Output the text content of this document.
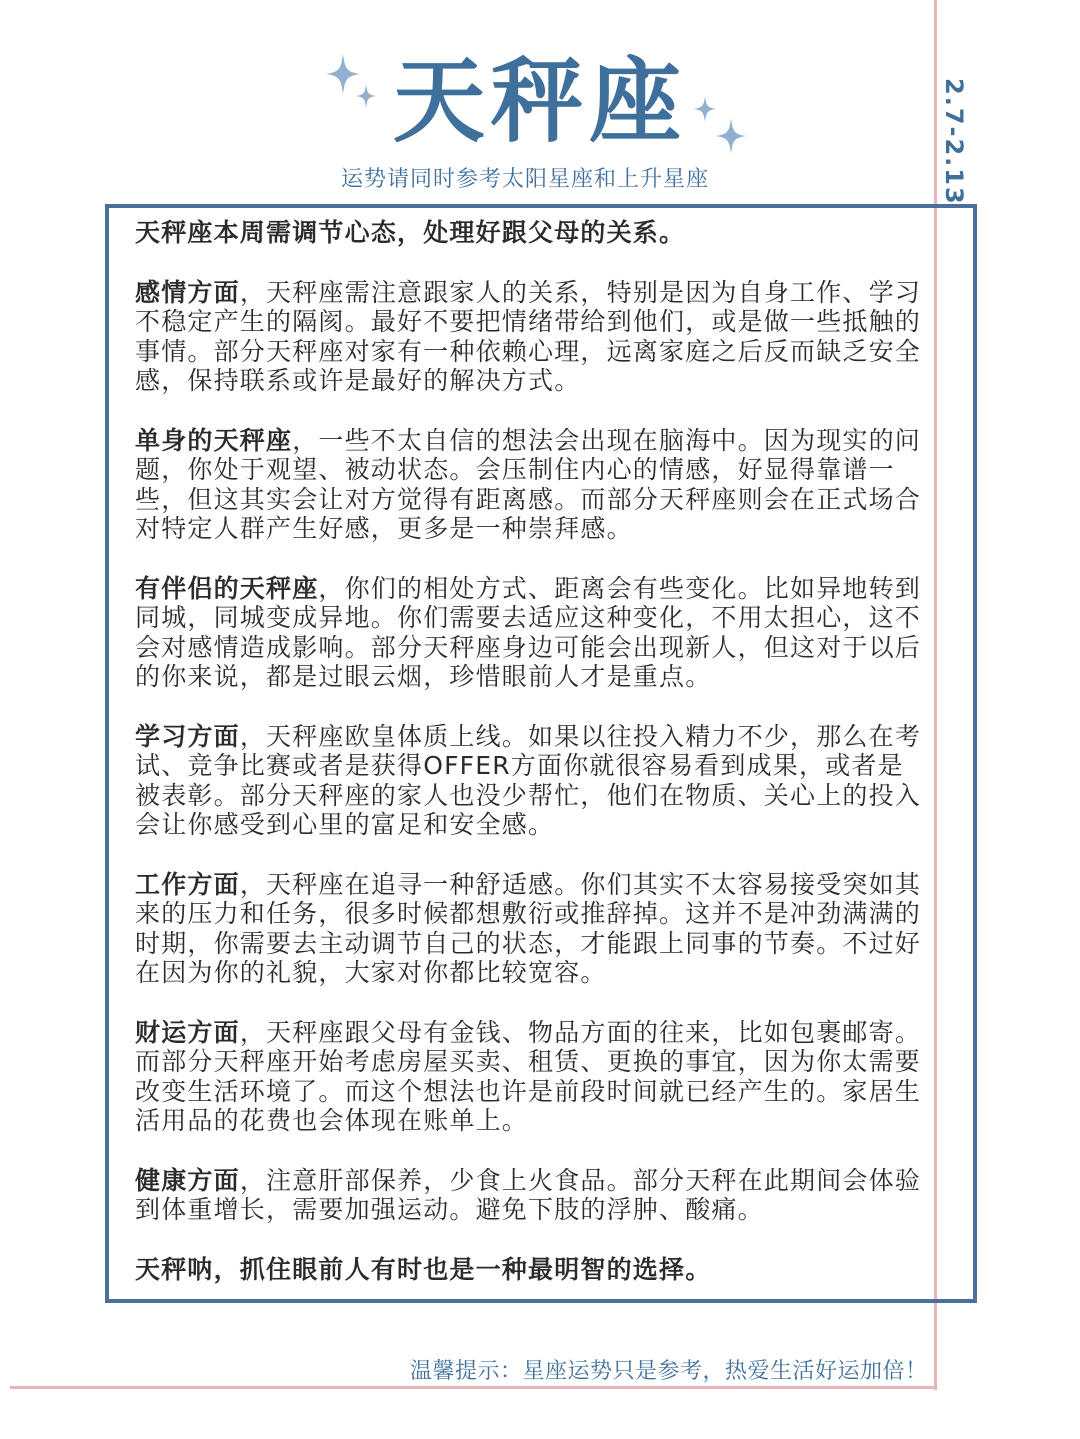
2.7-2.13
天秤座
运势请同时参考太阳星座和上升星座

天秤座本周需调节心态，处理好跟父母的关系。

感情方面，天秤座需注意跟家人的关系，特别是因为自身工作、学习不稳定产生的隔阂。最好不要把情绪带给到他们，或是做一些抵触的事情。部分天秤座对家有一种依赖心理，远离家庭之后反而缺乏安全感，保持联系或许是最好的解决方式。

单身的天秤座，一些不太自信的想法会出现在脑海中。因为现实的问题，你处于观望、被动状态。会压制住内心的情感，好显得靠谱一些，但这其实会让对方觉得有距离感。而部分天秤座则会在正式场合对特定人群产生好感，更多是一种崇拜感。

有伴侣的天秤座，你们的相处方式、距离会有些变化。比如异地转到同城，同城变成异地。你们需要去适应这种变化，不用太担心，这不会对感情造成影响。部分天秤座身边可能会出现新人，但这对于以后的你来说，都是过眼云烟，珍惜眼前人才是重点。

学习方面，天秤座欧皇体质上线。如果以往投入精力不少，那么在考试、竞争比赛或者是获得OFFER方面你就很容易看到成果，或者是被表彰。部分天秤座的家人也没少帮忙，他们在物质、关心上的投入会让你感受到心里的富足和安全感。

工作方面，天秤座在追寻一种舒适感。你们其实不太容易接受突如其来的压力和任务，很多时候都想敷衍或推辞掉。这并不是冲劲满满的时期，你需要去主动调节自己的状态，才能跟上同事的节奏。不过好在因为你的礼貌，大家对你都比较宽容。

财运方面，天秤座跟父母有金钱、物品方面的往来，比如包裹邮寄。而部分天秤座开始考虑房屋买卖、租赁、更换的事宜，因为你太需要改变生活环境了。而这个想法也许是前段时间就已经产生的。家居生活用品的花费也会体现在账单上。

健康方面，注意肝部保养，少食上火食品。部分天秤在此期间会体验到体重增长，需要加强运动。避免下肢的浮肿、酸痛。

天秤呐，抓住眼前人有时也是一种最明智的选择。

温馨提示：星座运势只是参考，热爱生活好运加倍！
